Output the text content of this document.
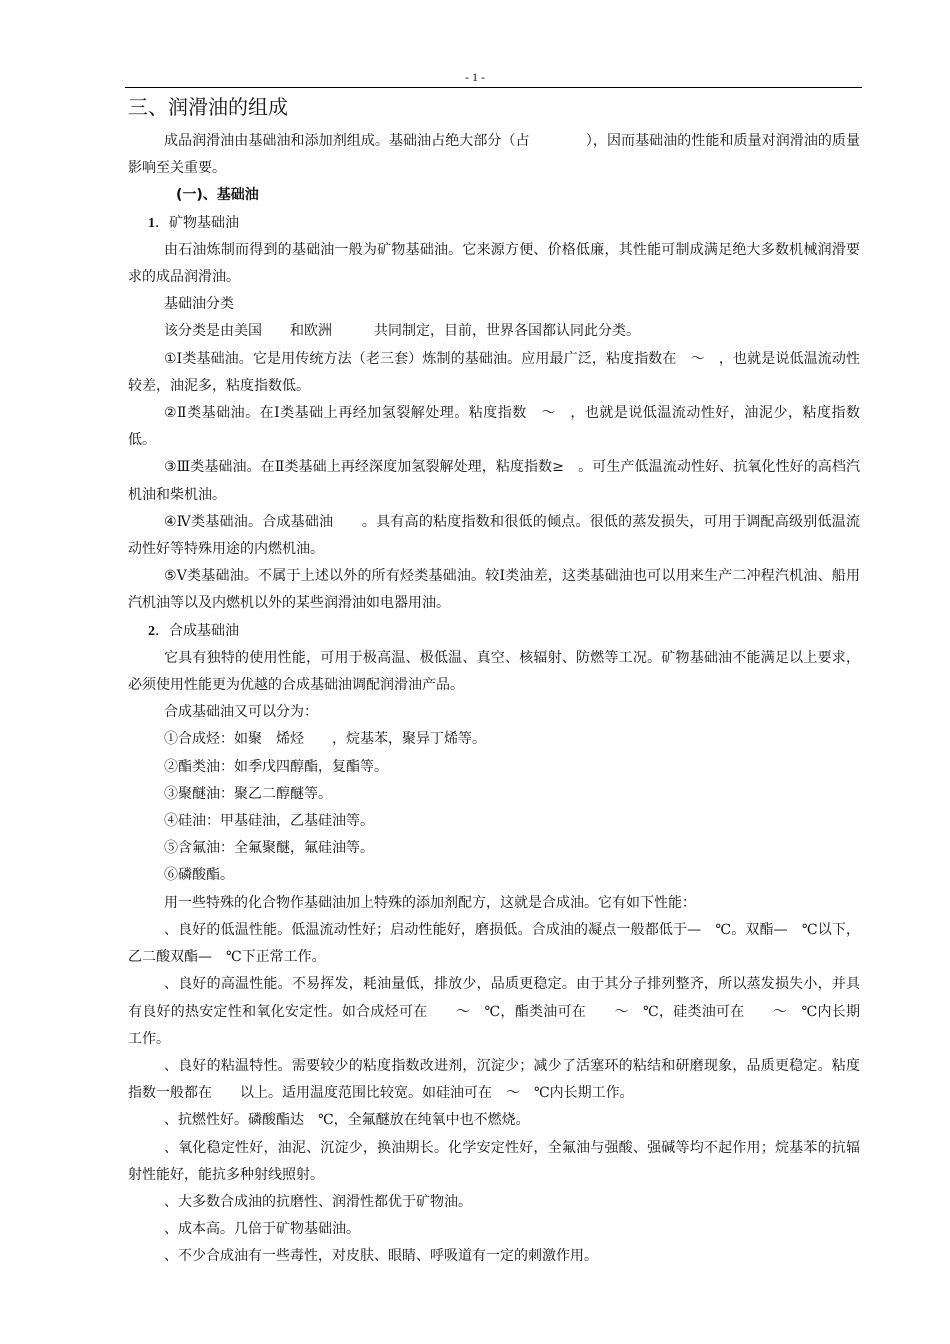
- 1 -
三、润滑油的组成

成品润滑油由基础油和添加剂组成。基础油占绝大部分（占　　　　），因而基础油的性能和质量对润滑油的质量影响至关重要。

(一)、基础油

1．矿物基础油

由石油炼制而得到的基础油一般为矿物基础油。它来源方便、价格低廉，其性能可制成满足绝大多数机械润滑要求的成品润滑油。

基础油分类

该分类是由美国　　和欧洲　　　共同制定，目前，世界各国都认同此分类。

①Ⅰ类基础油。它是用传统方法（老三套）炼制的基础油。应用最广泛，粘度指数在　～　，也就是说低温流动性较差，油泥多，粘度指数低。

②Ⅱ类基础油。在Ⅰ类基础上再经加氢裂解处理。粘度指数　～　，也就是说低温流动性好，油泥少，粘度指数低。

③Ⅲ类基础油。在Ⅱ类基础上再经深度加氢裂解处理，粘度指数≥　。可生产低温流动性好、抗氧化性好的高档汽机油和柴机油。

④Ⅳ类基础油。合成基础油　　。具有高的粘度指数和很低的倾点。很低的蒸发损失，可用于调配高级别低温流动性好等特殊用途的内燃机油。

⑤Ⅴ类基础油。不属于上述以外的所有烃类基础油。较Ⅰ类油差，这类基础油也可以用来生产二冲程汽机油、船用汽机油等以及内燃机以外的某些润滑油如电器用油。

2．合成基础油

它具有独特的使用性能，可用于极高温、极低温、真空、核辐射、防燃等工况。矿物基础油不能满足以上要求，必须使用性能更为优越的合成基础油调配润滑油产品。

合成基础油又可以分为：

①合成烃：如聚　烯烃　　，烷基苯，聚异丁烯等。

②酯类油：如季戊四醇酯，复酯等。

③聚醚油：聚乙二醇醚等。

④硅油：甲基硅油，乙基硅油等。

⑤含氟油：全氟聚醚，氟硅油等。

⑥磷酸酯。

用一些特殊的化合物作基础油加上特殊的添加剂配方，这就是合成油。它有如下性能：

、良好的低温性能。低温流动性好；启动性能好，磨损低。合成油的凝点一般都低于—　℃。双酯—　℃以下，乙二酸双酯—　℃下正常工作。

、良好的高温性能。不易挥发，耗油量低，排放少，品质更稳定。由于其分子排列整齐，所以蒸发损失小，并具有良好的热安定性和氧化安定性。如合成烃可在　　～　℃，酯类油可在　　～　℃，硅类油可在　　～　℃内长期工作。

、良好的粘温特性。需要较少的粘度指数改进剂，沉淀少；减少了活塞环的粘结和研磨现象，品质更稳定。粘度指数一般都在　　以上。适用温度范围比较宽。如硅油可在　～　℃内长期工作。

、抗燃性好。磷酸酯达　℃，全氟醚放在纯氧中也不燃烧。

、氧化稳定性好，油泥、沉淀少，换油期长。化学安定性好，全氟油与强酸、强碱等均不起作用；烷基苯的抗辐射性能好，能抗多种射线照射。

、大多数合成油的抗磨性、润滑性都优于矿物油。

、成本高。几倍于矿物基础油。

、不少合成油有一些毒性，对皮肤、眼睛、呼吸道有一定的刺激作用。
